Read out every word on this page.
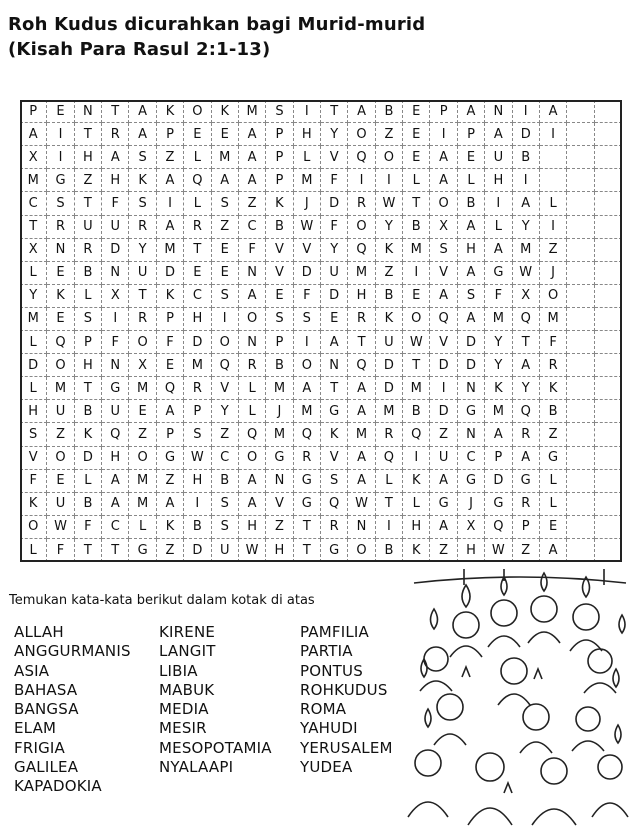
Roh Kudus dicurahkan bagi Murid-murid
(Kisah Para Rasul 2:1-13)
P	E	N	T	A	K	O	K	M	S	I	T	A	B	E	P	A	N	I	A
A	I	T	R	A	P	E	E	A	P	H	Y	O	Z	E	I	P	A	D	I
X	I	H	A	S	Z	L	M	A	P	L	V	Q	O	E	A	E	U	B
M	G	Z	H	K	A	Q	A	A	P	M	F	I	I	L	A	L	H	I
C	S	T	F	S	I	L	S	Z	K	J	D	R	W	T	O	B	I	A	L
T	R	U	U	R	A	R	Z	C	B	W	F	O	Y	B	X	A	L	Y	I
X	N	R	D	Y	M	T	E	F	V	V	Y	Q	K	M	S	H	A	M	Z
L	E	B	N	U	D	E	E	N	V	D	U	M	Z	I	V	A	G	W	J
Y	K	L	X	T	K	C	S	A	E	F	D	H	B	E	A	S	F	X	O
M	E	S	I	R	P	H	I	O	S	S	E	R	K	O	Q	A	M	Q	M
L	Q	P	F	O	F	D	O	N	P	I	A	T	U	W	V	D	Y	T	F
D	O	H	N	X	E	M	Q	R	B	O	N	Q	D	T	D	D	Y	A	R
L	M	T	G	M	Q	R	V	L	M	A	T	A	D	M	I	N	K	Y	K
H	U	B	U	E	A	P	Y	L	J	M	G	A	M	B	D	G	M	Q	B
S	Z	K	Q	Z	P	S	Z	Q	M	Q	K	M	R	Q	Z	N	A	R	Z
V	O	D	H	O	G	W	C	O	G	R	V	A	Q	I	U	C	P	A	G
F	E	L	A	M	Z	H	B	A	N	G	S	A	L	K	A	G	D	G	L
K	U	B	A	M	A	I	S	A	V	G	Q	W	T	L	G	J	G	R	L
O	W	F	C	L	K	B	S	H	Z	T	R	N	I	H	A	X	Q	P	E
L	F	T	T	G	Z	D	U	W	H	T	G	O	B	K	Z	H	W	Z	A
Temukan kata-kata berikut dalam kotak di atas
ALLAH
ANGGURMANIS
ASIA
BAHASA
BANGSA
ELAM
FRIGIA
GALILEA
KAPADOKIA
KIRENE
LANGIT
LIBIA
MABUK
MEDIA
MESIR
MESOPOTAMIA
NYALAAPI
PAMFILIA
PARTIA
PONTUS
ROHKUDUS
ROMA
YAHUDI
YERUSALEM
YUDEA
